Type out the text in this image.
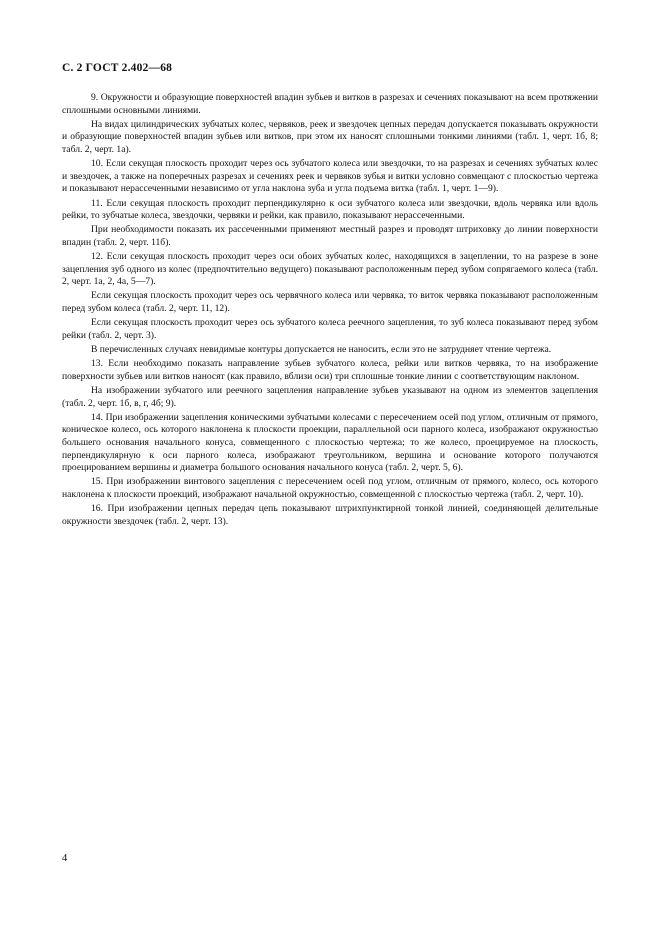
С. 2 ГОСТ 2.402—68

9. Окружности и образующие поверхностей впадин зубьев и витков в разрезах и сечениях показывают на всем протяжении сплошными основными линиями.

На видах цилиндрических зубчатых колес, червяков, реек и звездочек цепных передач допускается показывать окружности и образующие поверхностей впадин зубьев или витков, при этом их наносят сплошными тонкими линиями (табл. 1, черт. 1б, 8; табл. 2, черт. 1а).

10. Если секущая плоскость проходит через ось зубчатого колеса или звездочки, то на разрезах и сечениях зубчатых колес и звездочек, а также на поперечных разрезах и сечениях реек и червяков зубья и витки условно совмещают с плоскостью чертежа и показывают нерассеченными независимо от угла наклона зуба и угла подъема витка (табл. 1, черт. 1—9).

11. Если секущая плоскость проходит перпендикулярно к оси зубчатого колеса или звездочки, вдоль червяка или вдоль рейки, то зубчатые колеса, звездочки, червяки и рейки, как правило, показывают нерассеченными.

При необходимости показать их рассеченными применяют местный разрез и проводят штриховку до линии поверхности впадин (табл. 2, черт. 11б).

12. Если секущая плоскость проходит через оси обоих зубчатых колес, находящихся в зацеплении, то на разрезе в зоне зацепления зуб одного из колес (предпочтительно ведущего) показывают расположенным перед зубом сопрягаемого колеса (табл. 2, черт. 1а, 2, 4а, 5—7).

Если секущая плоскость проходит через ось червячного колеса или червяка, то виток червяка показывают расположенным перед зубом колеса (табл. 2, черт. 11, 12).

Если секущая плоскость проходит через ось зубчатого колеса реечного зацепления, то зуб колеса показывают перед зубом рейки (табл. 2, черт. 3).

В перечисленных случаях невидимые контуры допускается не наносить, если это не затрудняет чтение чертежа.

13. Если необходимо показать направление зубьев зубчатого колеса, рейки или витков червяка, то на изображение поверхности зубьев или витков наносят (как правило, вблизи оси) три сплошные тонкие линии с соответствующим наклоном.

На изображении зубчатого или реечного зацепления направление зубьев указывают на одном из элементов зацепления (табл. 2, черт. 1б, в, г, 4б; 9).

14. При изображении зацепления коническими зубчатыми колесами с пересечением осей под углом, отличным от прямого, коническое колесо, ось которого наклонена к плоскости проекции, параллельной оси парного колеса, изображают окружностью большего основания начального конуса, совмещенного с плоскостью чертежа; то же колесо, проецируемое на плоскость, перпендикулярную к оси парного колеса, изображают треугольником, вершина и основание которого получаются проецированием вершины и диаметра большого основания начального конуса (табл. 2, черт. 5, 6).

15. При изображении винтового зацепления с пересечением осей под углом, отличным от прямого, колесо, ось которого наклонена к плоскости проекций, изображают начальной окружностью, совмещенной с плоскостью чертежа (табл. 2, черт. 10).

16. При изображении цепных передач цепь показывают штрихпунктирной тонкой линией, соединяющей делительные окружности звездочек (табл. 2, черт. 13).

4
